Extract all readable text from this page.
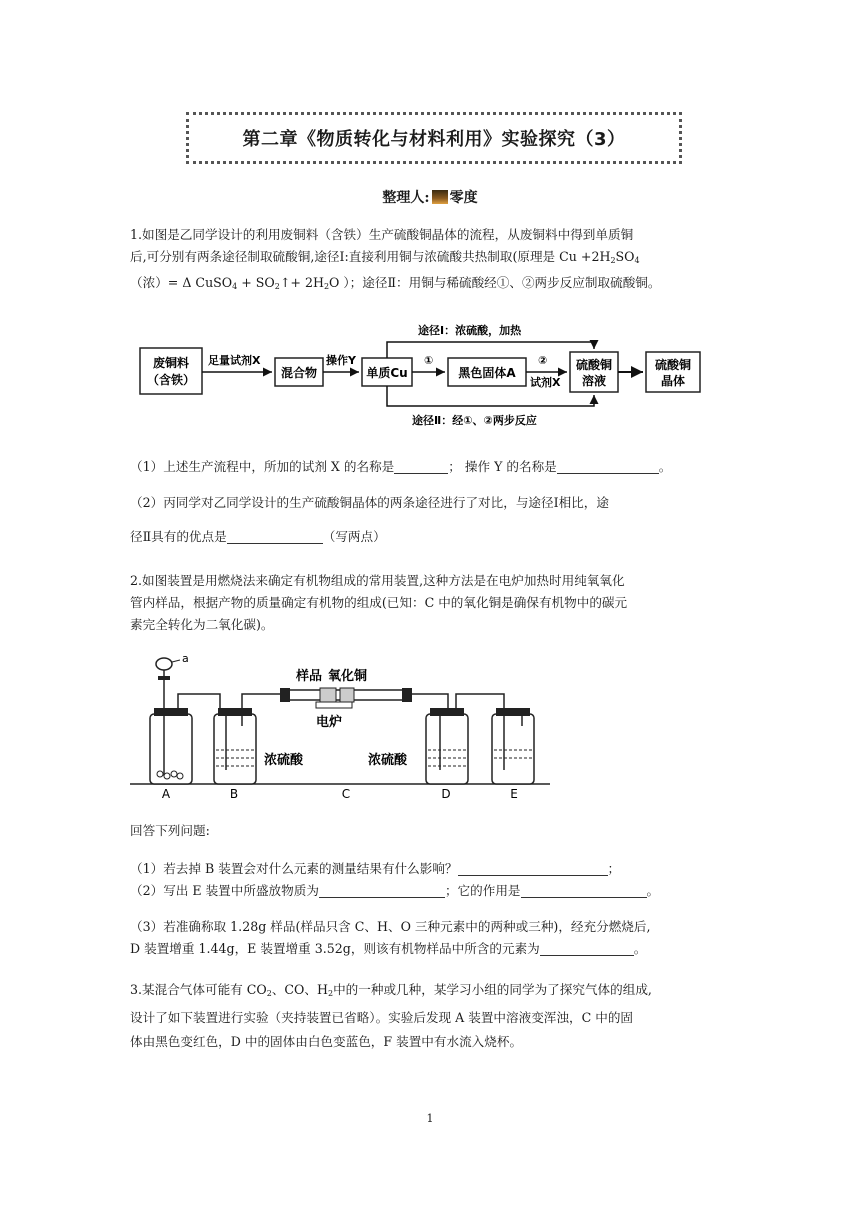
第二章《物质转化与材料利用》实验探究（3）
整理人: 零度
1.如图是乙同学设计的利用废铜料（含铁）生产硫酸铜晶体的流程，从废铜料中得到单质铜
后,可分别有两条途径制取硫酸铜,途径Ⅰ:直接利用铜与浓硫酸共热制取(原理是 $Cu +2H_2SO_4$
（浓）= Δ CuSO$_4$ + $SO_2↑+ 2H_2O$ ）；途径Ⅱ：用铜与稀硫酸经①、②两步反应制取硫酸铜。
废铜料
（含铁）	混合物	单质Cu	黑色固体A
硫酸铜
溶液
硫酸铜
晶体
足量试剂X	操作Y	①	②
试剂X
途径Ⅰ：浓硫酸，加热
途径Ⅱ：经①、②两步反应
（1）上述生产流程中，所加的试剂 X 的名称是	； 操作 Y 的名称是	。
（2）丙同学对乙同学设计的生产硫酸铜晶体的两条途径进行了对比，与途径Ⅰ相比，途
径Ⅱ具有的优点是	（写两点）
2.如图装置是用燃烧法来确定有机物组成的常用装置,这种方法是在电炉加热时用纯氧氧化
管内样品，根据产物的质量确定有机物的组成(已知：C 中的氧化铜是确保有机物中的碳元
素完全转化为二氧化碳)。
a
浓硫酸
样品 氧化铜
电炉
浓硫酸
A	B	C	D	E
回答下列问题:
（1）若去掉 B 装置会对什么元素的测量结果有什么影响？	；
（2）写出 E 装置中所盛放物质为	；它的作用是	。
（3）若准确称取 1.28g 样品(样品只含 C、H、O 三种元素中的两种或三种)，经充分燃烧后,
D 装置增重 1.44g，E 装置增重 3.52g，则该有机物样品中所含的元素为	。
3.某混合气体可能有 $CO_2$、CO、$H_2$中的一种或几种，某学习小组的同学为了探究气体的组成,
设计了如下装置进行实验（夹持装置已省略）。实验后发现 A 装置中溶液变浑浊，C 中的固
体由黑色变红色，D 中的固体由白色变蓝色，F 装置中有水流入烧杯。
1
